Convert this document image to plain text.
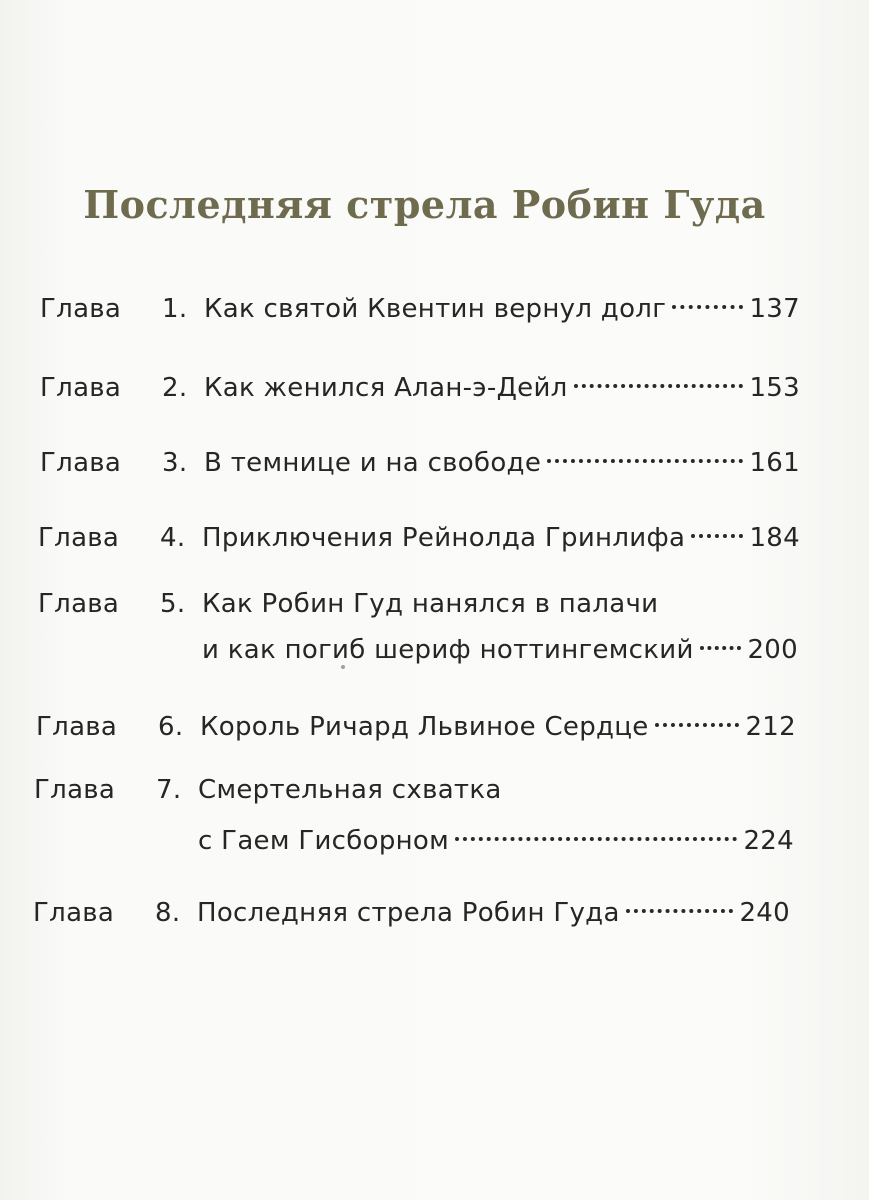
Последняя стрела Робин Гуда
Глава	1. Как святой Квентин вернул долг	137
Глава	2. Как женился Алан-э-Дейл	153
Глава	3. В темнице и на свободе	161
Глава	4. Приключения Рейнолда Гринлифа 184
Глава	5. Как Робин Гуд нанялся в палачи
и как погиб шериф ноттингемский 200
Глава	6. Король Ричард Львиное Сердце	212
Глава	7. Смертельная схватка
с Гаем Гисборном	224
Глава	8. Последняя стрела Робин Гуда	240
